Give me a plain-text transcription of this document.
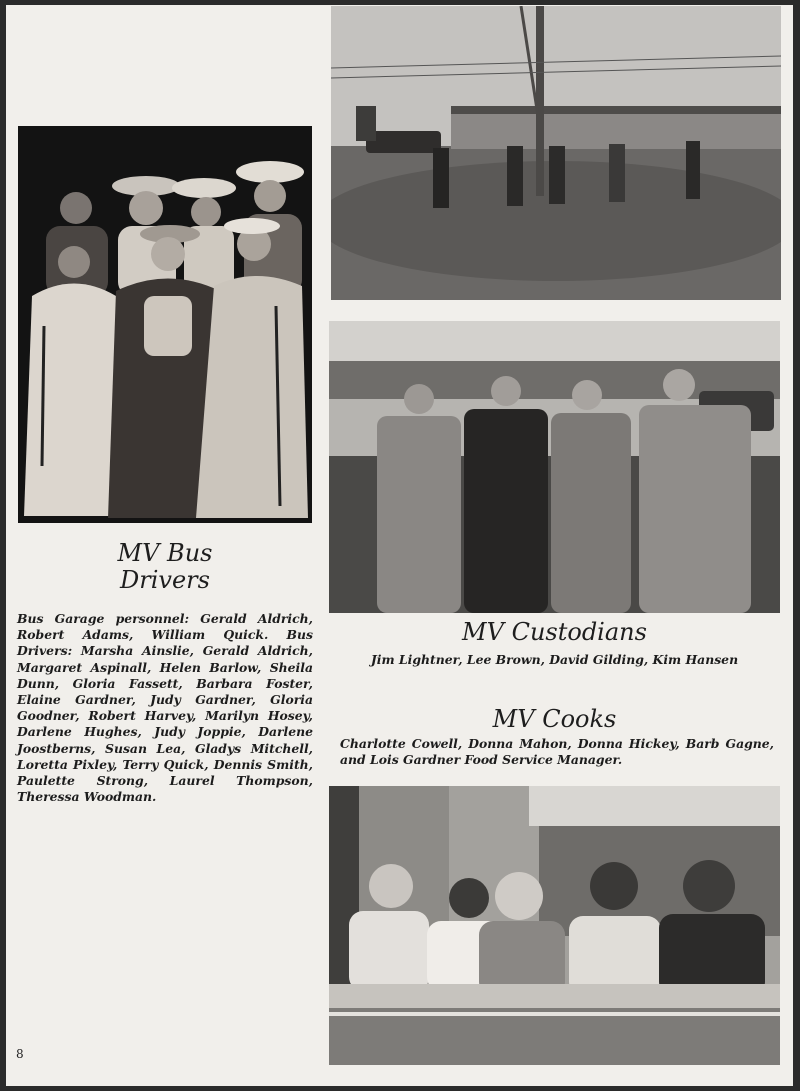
MV Bus
Drivers
Bus Garage personnel: Gerald Aldrich, Robert Adams, William Quick. Bus Drivers: Marsha Ainslie, Gerald Aldrich, Margaret Aspinall, Helen Barlow, Sheila Dunn, Gloria Fassett, Barbara Foster, Elaine Gardner, Judy Gardner, Gloria Goodner, Robert Harvey, Marilyn Hosey, Darlene Hughes, Judy Joppie, Darlene Joostberns, Susan Lea, Gladys Mitchell, Loretta Pixley, Terry Quick, Dennis Smith, Paulette Strong, Laurel Thompson, Theressa Woodman.
MV Custodians
Jim Lightner, Lee Brown, David Gilding, Kim Hansen
MV Cooks
Charlotte Cowell, Donna Mahon, Donna Hickey, Barb Gagne, and Lois Gardner Food Service Manager.
8
